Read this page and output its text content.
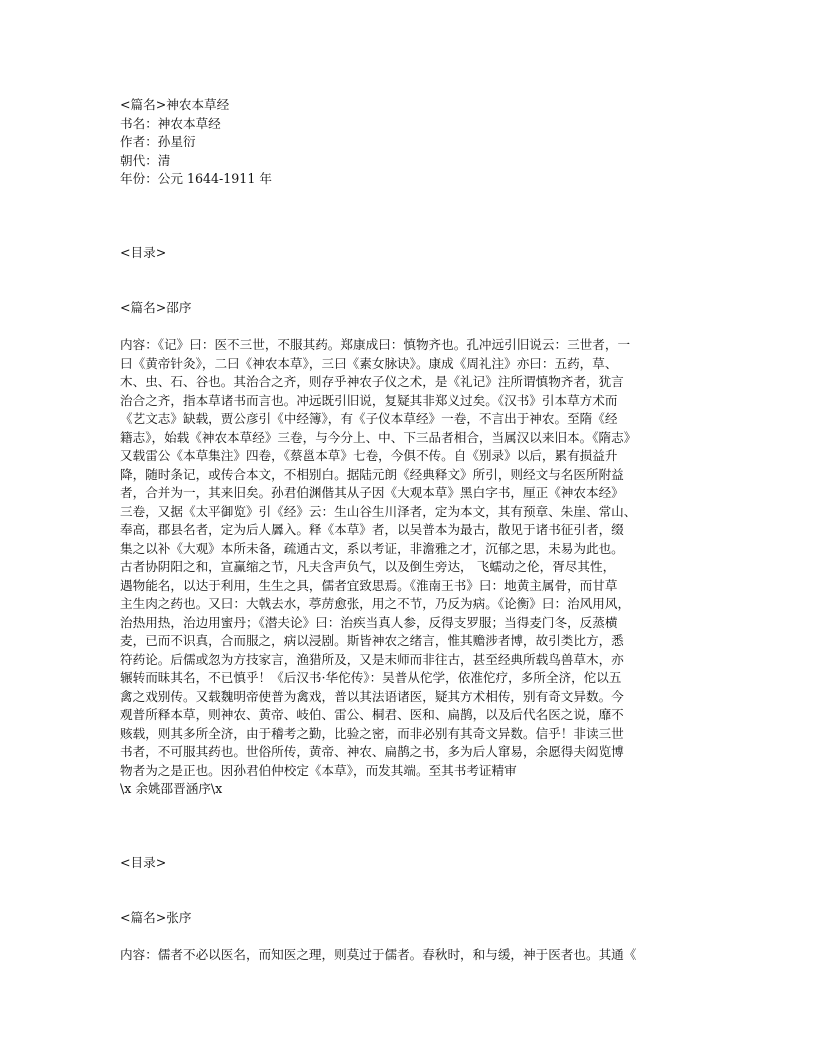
<篇名>神农本草经
书名：神农本草经
作者：孙星衍
朝代：清
年份：公元 1644-1911 年
<目录>
<篇名>邵序
内容：《记》曰：医不三世，不服其药。郑康成曰：慎物齐也。孔冲远引旧说云：三世者，一
曰《黄帝针灸》，二曰《神农本草》，三曰《素女脉诀》。康成《周礼注》亦曰：五药，草、
木、虫、石、谷也。其治合之齐，则存乎神农子仪之术，是《礼记》注所谓慎物齐者，犹言
治合之齐，指本草诸书而言也。冲远既引旧说，复疑其非郑义过矣。《汉书》引本草方术而
《艺文志》缺载，贾公彦引《中经簿》，有《子仪本草经》一卷，不言出于神农。至隋《经
籍志》，始载《神农本草经》三卷，与今分上、中、下三品者相合，当属汉以来旧本。《隋志》
又载雷公《本草集注》四卷，《蔡邕本草》七卷，今俱不传。自《别录》以后，累有损益升
降，随时条记，或传合本文，不相别白。据陆元朗《经典释文》所引，则经文与名医所附益
者，合并为一，其来旧矣。孙君伯渊偕其从子因《大观本草》黑白字书，厘正《神农本经》
三卷，又据《太平御览》引《经》云：生山谷生川泽者，定为本文，其有预章、朱崖、常山、
奉高，郡县名者，定为后人羼入。释《本草》者，以吴普本为最古，散见于诸书征引者，缀
集之以补《大观》本所未备，疏通古文，系以考证，非澹雅之才，沉郁之思，未易为此也。
古者协阴阳之和，宣赢缩之节，凡夫含声负气，以及倒生旁达， 飞蠕动之伦，胥尽其性，
遇物能名，以达于利用，生生之具，儒者宜致思焉。《淮南王书》曰：地黄主属骨，而甘草
主生肉之药也。又曰：大戟去水，葶苈愈张，用之不节，乃反为病。《论衡》曰：治风用风，
治热用热，治边用蜜丹；《潜夫论》曰：治疾当真人参，反得支罗服；当得麦门冬，反蒸横
麦，已而不识真，合而服之，病以浸剧。斯皆神农之绪言，惟其赡涉者博，故引类比方，悉
符药论。后儒或忽为方技家言，渔猎所及，又是末师而非往古，甚至经典所载鸟兽草木，亦
辗转而昧其名，不已慎乎！《后汉书·华佗传》：吴普从佗学，依准佗疗，多所全济，佗以五
禽之戏别传。又载魏明帝使普为禽戏，普以其法语诸医，疑其方术相传，别有奇文异数。今
观普所释本草，则神农、黄帝、岐伯、雷公、桐君、医和、扁鹊，以及后代名医之说，靡不
赅载，则其多所全济，由于稽考之勤，比验之密，而非必别有其奇文异数。信乎！非读三世
书者，不可服其药也。世俗所传，黄帝、神农、扁鹊之书，多为后人窜易，余愿得夫闳览博
物者为之是正也。因孙君伯仲校定《本草》，而发其端。至其书考证精审
\x 余姚邵晋涵序\x
<目录>
<篇名>张序
内容：儒者不必以医名，而知医之理，则莫过于儒者。春秋时，和与缓，神于医者也。其通《
